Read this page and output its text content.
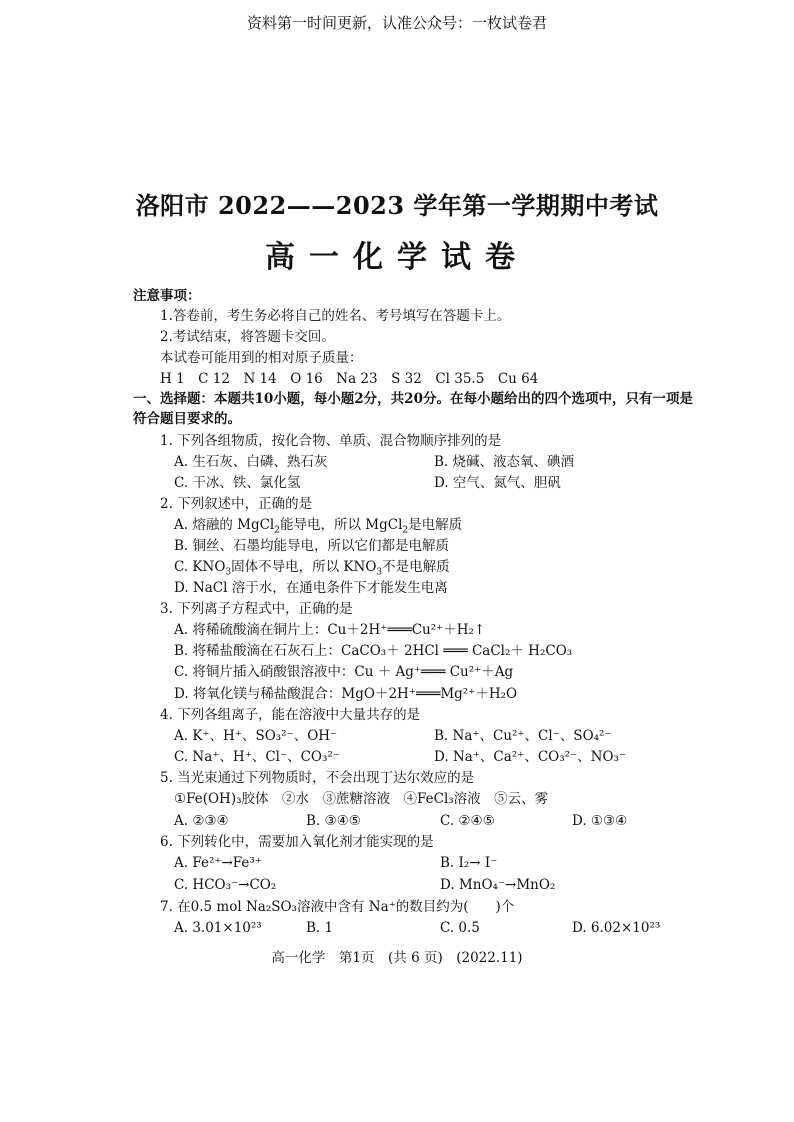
资料第一时间更新，认准公众号：一枚试卷君
洛阳市 2022——2023 学年第一学期期中考试
高一化学试卷
注意事项：
1.答卷前，考生务必将自己的姓名、考号填写在答题卡上。
2.考试结束，将答题卡交回。
本试卷可能用到的相对原子质量：
H 1　C 12　N 14　O 16　Na 23　S 32　Cl 35.5　Cu 64
一、选择题：本题共10小题，每小题2分，共20分。在每小题给出的四个选项中，只有一项是
符合题目要求的。
1. 下列各组物质，按化合物、单质、混合物顺序排列的是
A. 生石灰、白磷、熟石灰	B. 烧碱、液态氧、碘酒
C. 干冰、铁、氯化氢	D. 空气、氮气、胆矾
2. 下列叙述中，正确的是
A. 熔融的 MgCl$_2$能导电，所以 MgCl$_2$是电解质
B. 铜丝、石墨均能导电，所以它们都是电解质
C. $KNO_3$固体不导电，所以 $KNO_3$不是电解质
D. NaCl 溶于水，在通电条件下才能发生电离
3. 下列离子方程式中，正确的是
A. 将稀硫酸滴在铜片上：Cu＋2H⁺═══Cu²⁺＋H₂↑
B. 将稀盐酸滴在石灰石上：CaCO₃＋ 2HCl ═══ CaCl₂＋ H₂CO₃
C. 将铜片插入硝酸银溶液中：Cu ＋ Ag⁺═══ Cu²⁺＋Ag
D. 将氧化镁与稀盐酸混合：MgO＋2H⁺═══Mg²⁺＋H₂O
4. 下列各组离子，能在溶液中大量共存的是
A. K⁺、H⁺、SO₃²⁻、OH⁻	B. Na⁺、Cu²⁺、Cl⁻、SO₄²⁻
C. Na⁺、H⁺、Cl⁻、CO₃²⁻	D. Na⁺、Ca²⁺、CO₃²⁻、NO₃⁻
5. 当光束通过下列物质时，不会出现丁达尔效应的是
①Fe(OH)₃胶体　②水　③蔗糖溶液　④FeCl₃溶液　⑤云、雾
A. ②③④	B. ③④⑤	C. ②④⑤	D. ①③④
6. 下列转化中，需要加入氧化剂才能实现的是
A. Fe²⁺→Fe³⁺	B. I₂→ I⁻
C. HCO₃⁻→CO₂	D. MnO₄⁻→MnO₂
7. 在0.5 mol Na₂SO₃溶液中含有 Na⁺的数目约为(　　)个
A. 3.01×10²³	B. 1	C. 0.5	D. 6.02×10²³
高一化学　第1页　(共 6 页)　(2022.11)
